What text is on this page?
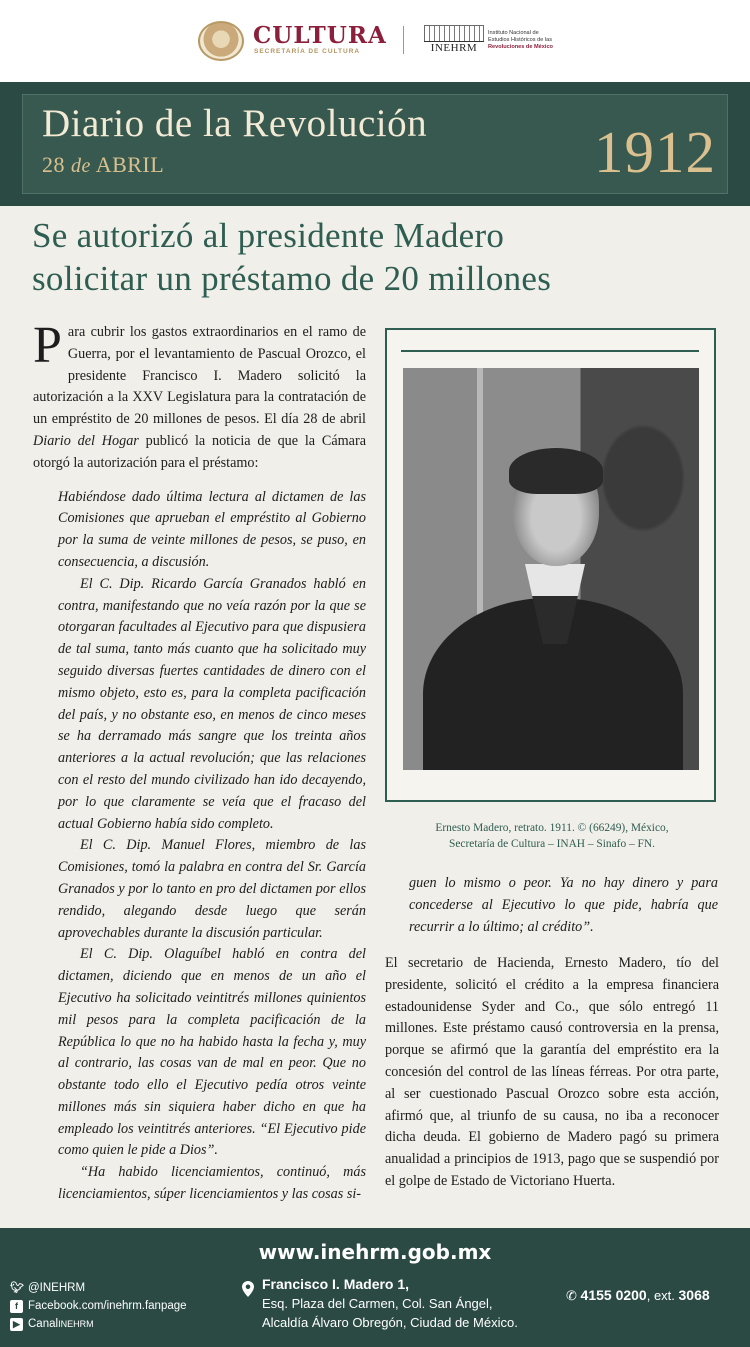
CULTURA
SECRETARÍA DE CULTURA	INEHRM
Instituto Nacional de
Estudios Históricos de las
Revoluciones de México
Diario de la Revolución
28 de ABRIL	1912
Se autorizó al presidente Madero
solicitar un préstamo de 20 millones

Para cubrir los gastos extraordinarios en el ramo de Guerra, por el levantamiento de Pascual Orozco, el presidente Francisco I. Madero solicitó la autorización a la XXV Legislatura para la contratación de un empréstito de 20 millones de pesos. El día 28 de abril Diario del Hogar publicó la noticia de que la Cámara otorgó la autorización para el préstamo:

Habiéndose dado última lectura al dictamen de las Comisiones que aprueban el empréstito al Gobierno por la suma de veinte millones de pesos, se puso, en consecuencia, a discusión.

El C. Dip. Ricardo García Granados habló en contra, manifestando que no veía razón por la que se otorgaran facultades al Ejecutivo para que dispusiera de tal suma, tanto más cuanto que ha solicitado muy seguido diversas fuertes cantidades de dinero con el mismo objeto, esto es, para la completa pacificación del país, y no obstante eso, en menos de cinco meses se ha derramado más sangre que los treinta años anteriores a la actual revolución; que las relaciones con el resto del mundo civilizado han ido decayendo, por lo que claramente se veía que el fracaso del actual Gobierno había sido completo.

El C. Dip. Manuel Flores, miembro de las Comisiones, tomó la palabra en contra del Sr. García Granados y por lo tanto en pro del dictamen por ellos rendido, alegando desde luego que serán aprovechables durante la discusión particular.

El C. Dip. Olaguíbel habló en contra del dictamen, diciendo que en menos de un año el Ejecutivo ha solicitado veintitrés millones quinientos mil pesos para la completa pacificación de la República lo que no ha habido hasta la fecha y, muy al contrario, las cosas van de mal en peor. Que no obstante todo ello el Ejecutivo pedía otros veinte millones más sin siquiera haber dicho en que ha empleado los veintitrés anteriores. “El Ejecutivo pide como quien le pide a Dios”.

“Ha habido licenciamientos, continuó, más licenciamientos, súper licenciamientos y las cosas si-

Ernesto Madero, retrato. 1911. © (66249), México,
Secretaría de Cultura – INAH – Sinafo – FN.
guen lo mismo o peor. Ya no hay dinero y para concederse al Ejecutivo lo que pide, habría que recurrir a lo último; al crédito”.
El secretario de Hacienda, Ernesto Madero, tío del presidente, solicitó el crédito a la empresa financiera estadounidense Syder and Co., que sólo entregó 11 millones. Este préstamo causó controversia en la prensa, porque se afirmó que la garantía del empréstito era la concesión del control de las líneas férreas. Por otra parte, al ser cuestionado Pascual Orozco sobre esta acción, afirmó que, al triunfo de su causa, no iba a reconocer dicha deuda. El gobierno de Madero pagó su primera anualidad a principios de 1913, pago que se suspendió por el golpe de Estado de Victoriano Huerta.
www.inehrm.gob.mx
🐦︎ @INEHRM
f Facebook.com/inehrm.fanpage
▶ Canal INEHRM
Francisco I. Madero 1,
Esq. Plaza del Carmen, Col. San Ángel,
Alcaldía Álvaro Obregón, Ciudad de México.
✆ 4155 0200, ext. 3068
